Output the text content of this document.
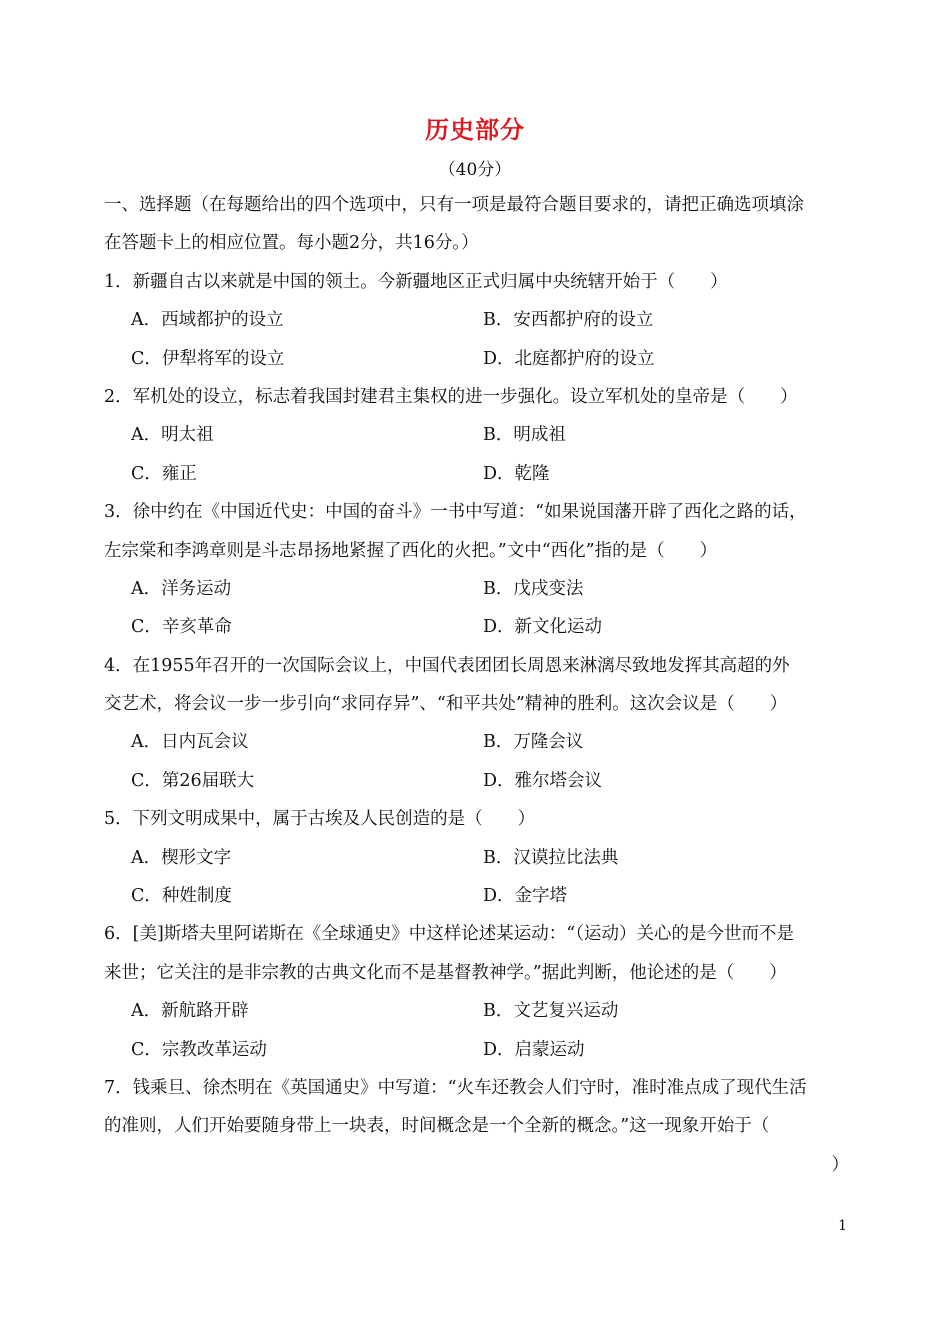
历史部分
（40分）
一、选择题（在每题给出的四个选项中，只有一项是最符合题目要求的，请把正确选项填涂
在答题卡上的相应位置。每小题2分，共16分。）
1．新疆自古以来就是中国的领土。今新疆地区正式归属中央统辖开始于（　　）
A．西域都护的设立	B．安西都护府的设立
C．伊犁将军的设立	D．北庭都护府的设立
2．军机处的设立，标志着我国封建君主集权的进一步强化。设立军机处的皇帝是（　　）
A．明太祖	B．明成祖
C．雍正	D．乾隆
3．徐中约在《中国近代史：中国的奋斗》一书中写道：“如果说国藩开辟了西化之路的话，
左宗棠和李鸿章则是斗志昂扬地紧握了西化的火把。”文中“西化”指的是（　　）
A．洋务运动	B．戊戌变法
C．辛亥革命	D．新文化运动
4．在1955年召开的一次国际会议上，中国代表团团长周恩来淋漓尽致地发挥其高超的外
交艺术，将会议一步一步引向“求同存异”、“和平共处”精神的胜利。这次会议是（　　）
A．日内瓦会议	B．万隆会议
C．第26届联大	D．雅尔塔会议
5．下列文明成果中，属于古埃及人民创造的是（　　）
A．楔形文字	B．汉谟拉比法典
C．种姓制度	D．金字塔
6．[美]斯塔夫里阿诺斯在《全球通史》中这样论述某运动：“（运动）关心的是今世而不是
来世；它关注的是非宗教的古典文化而不是基督教神学。”据此判断，他论述的是（　　）
A．新航路开辟	B．文艺复兴运动
C．宗教改革运动	D．启蒙运动
7．钱乘旦、徐杰明在《英国通史》中写道：“火车还教会人们守时，准时准点成了现代生活
的准则，人们开始要随身带上一块表，时间概念是一个全新的概念。”这一现象开始于（
）
1
